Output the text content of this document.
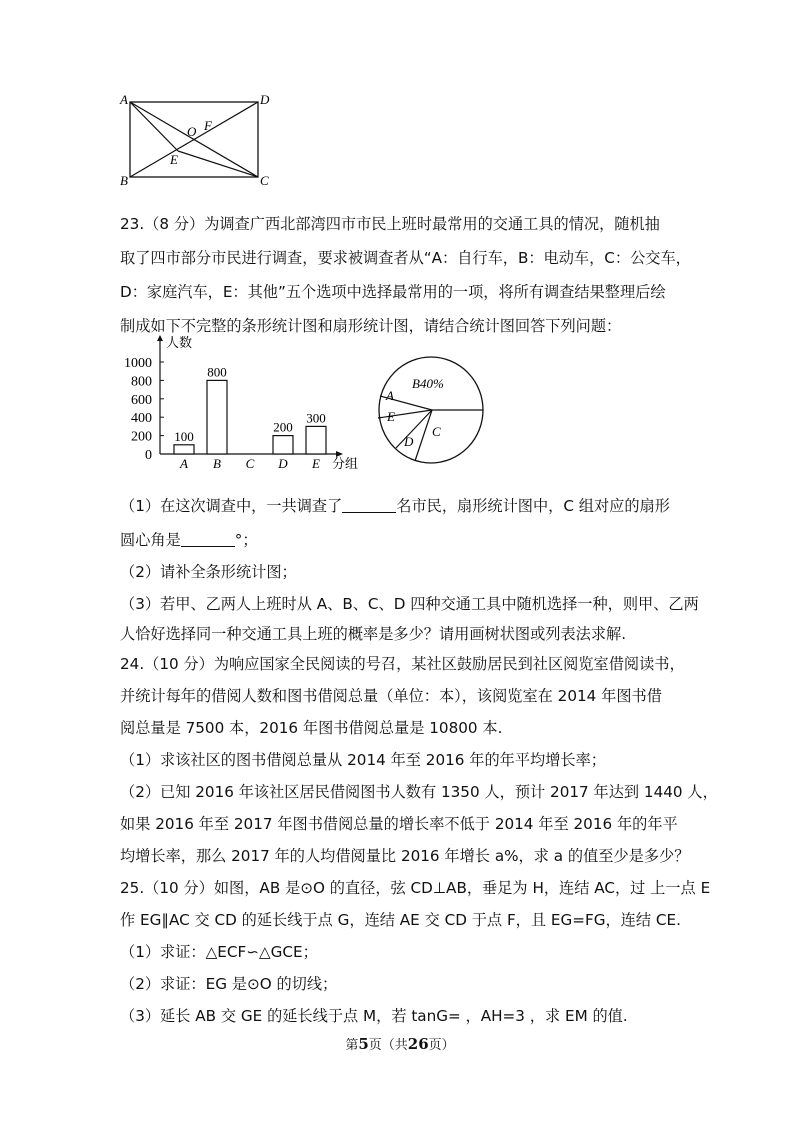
A	D
B	C
O F
E
23.（8 分）为调查广西北部湾四市市民上班时最常用的交通工具的情况，随机抽
取了四市部分市民进行调查，要求被调查者从“A：自行车，B：电动车，C：公交车，
D：家庭汽车，E：其他”五个选项中选择最常用的一项，将所有调查结果整理后绘
制成如下不完整的条形统计图和扇形统计图，请结合统计图回答下列问题：
人数
分组
0
200
400
600
800
1000
A
100
B
800
C D
200
E
300
B40%
A
E
D
C
（1）在这次调查中，一共调查了	名市民，扇形统计图中，C 组对应的扇形
圆心角是	°；
（2）请补全条形统计图；
（3）若甲、乙两人上班时从 A、B、C、D 四种交通工具中随机选择一种，则甲、乙两
人恰好选择同一种交通工具上班的概率是多少？请用画树状图或列表法求解.
24.（10 分）为响应国家全民阅读的号召，某社区鼓励居民到社区阅览室借阅读书，
并统计每年的借阅人数和图书借阅总量（单位：本），该阅览室在 2014 年图书借
阅总量是 7500 本，2016 年图书借阅总量是 10800 本.
（1）求该社区的图书借阅总量从 2014 年至 2016 年的年平均增长率；
（2）已知 2016 年该社区居民借阅图书人数有 1350 人，预计 2017 年达到 1440 人，
如果 2016 年至 2017 年图书借阅总量的增长率不低于 2014 年至 2016 年的年平
均增长率，那么 2017 年的人均借阅量比 2016 年增长 a%，求 a 的值至少是多少？
25.（10 分）如图，AB 是⊙O 的直径，弦 CD⊥AB，垂足为 H，连结 AC，过 上一点 E
作 EG∥AC 交 CD 的延长线于点 G，连结 AE 交 CD 于点 F，且 EG=FG，连结 CE.
（1）求证：△ECF∽△GCE；
（2）求证：EG 是⊙O 的切线；
（3）延长 AB 交 GE 的延长线于点 M，若 tanG= ，AH=3 ，求 EM 的值.
第5页（共26页）
